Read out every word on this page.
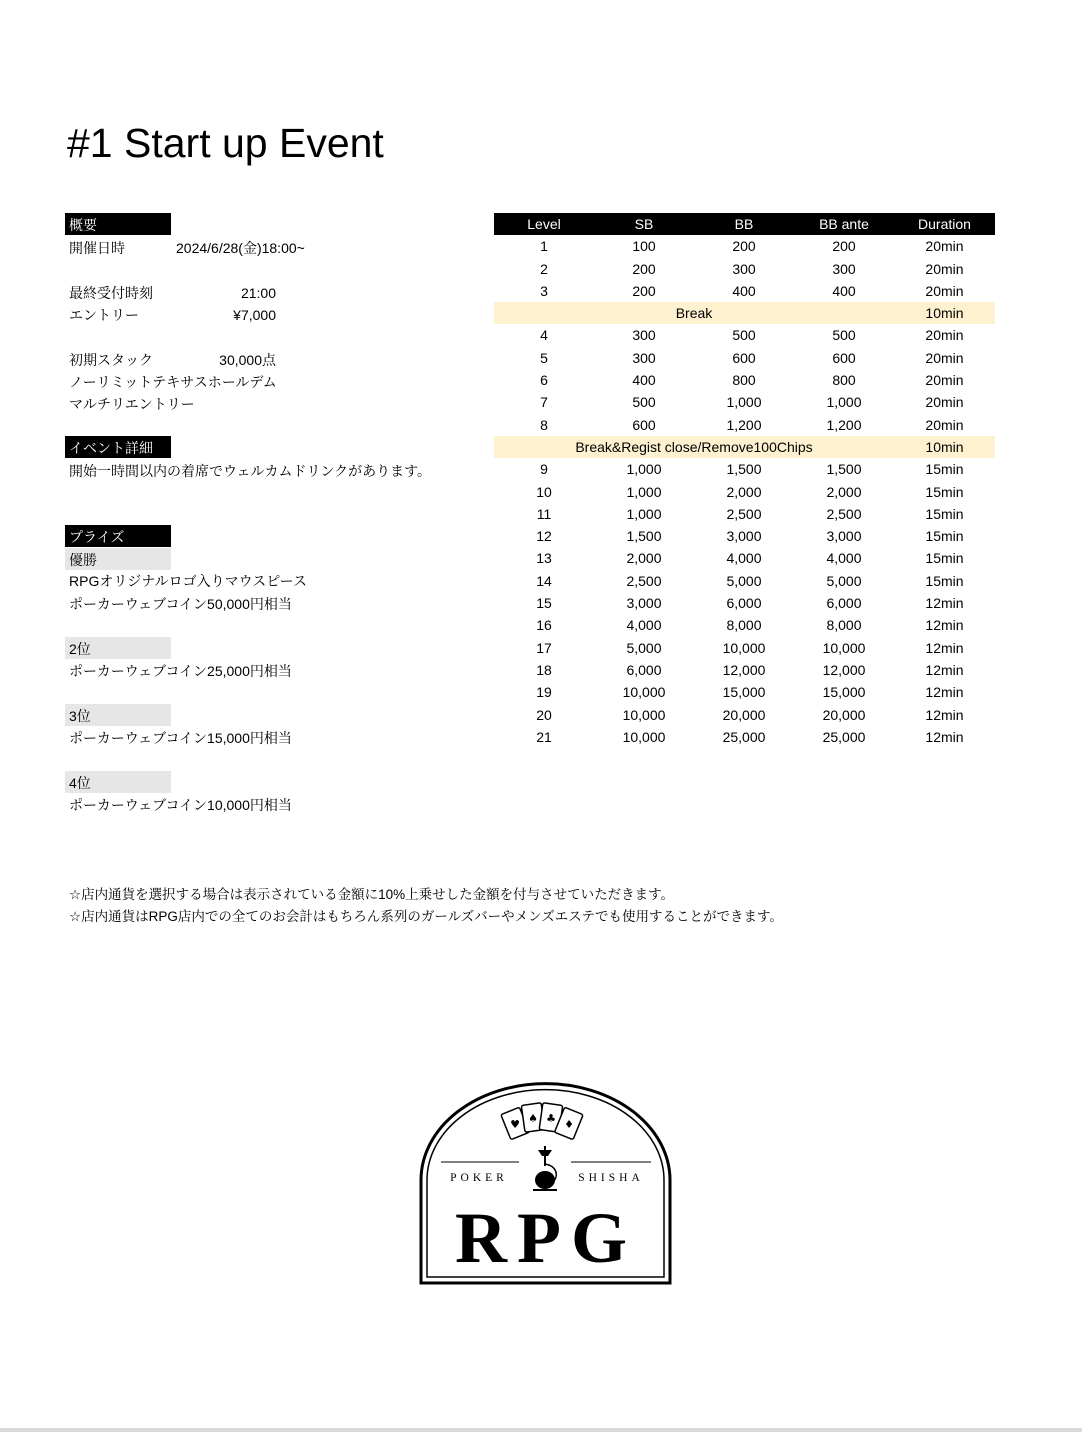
#1 Start up Event
概要
開催日時	2024/6/28(金)18:00~
最終受付時刻	21:00
エントリー	¥7,000
初期スタック	30,000点
ノーリミットテキサスホールデム
マルチリエントリー
イベント詳細
開始一時間以内の着席でウェルカムドリンクがあります。
プライズ
優勝
RPGオリジナルロゴ入りマウスピース
ポーカーウェブコイン50,000円相当
2位
ポーカーウェブコイン25,000円相当
3位
ポーカーウェブコイン15,000円相当
4位
ポーカーウェブコイン10,000円相当
Level	SB	BB	BB ante	Duration
1	100	200	200	20min
2	200	300	300	20min
3	200	400	400	20min
Break	10min
4	300	500	500	20min
5	300	600	600	20min
6	400	800	800	20min
7	500	1,000	1,000	20min
8	600	1,200	1,200	20min
Break&Regist close/Remove100Chips	10min
9	1,000	1,500	1,500	15min
10	1,000	2,000	2,000	15min
11	1,000	2,500	2,500	15min
12	1,500	3,000	3,000	15min
13	2,000	4,000	4,000	15min
14	2,500	5,000	5,000	15min
15	3,000	6,000	6,000	12min
16	4,000	8,000	8,000	12min
17	5,000	10,000	10,000	12min
18	6,000	12,000	12,000	12min
19	10,000	15,000	15,000	12min
20	10,000	20,000	20,000	12min
21	10,000	25,000	25,000	12min
☆店内通貨を選択する場合は表示されている金額に10%上乗せした金額を付与させていただきます。
☆店内通貨はRPG店内での全てのお会計はもちろん系列のガールズバーやメンズエステでも使用することができます。
♥ ♠ ♣ ♦
POKER	SHISHA
RPG
